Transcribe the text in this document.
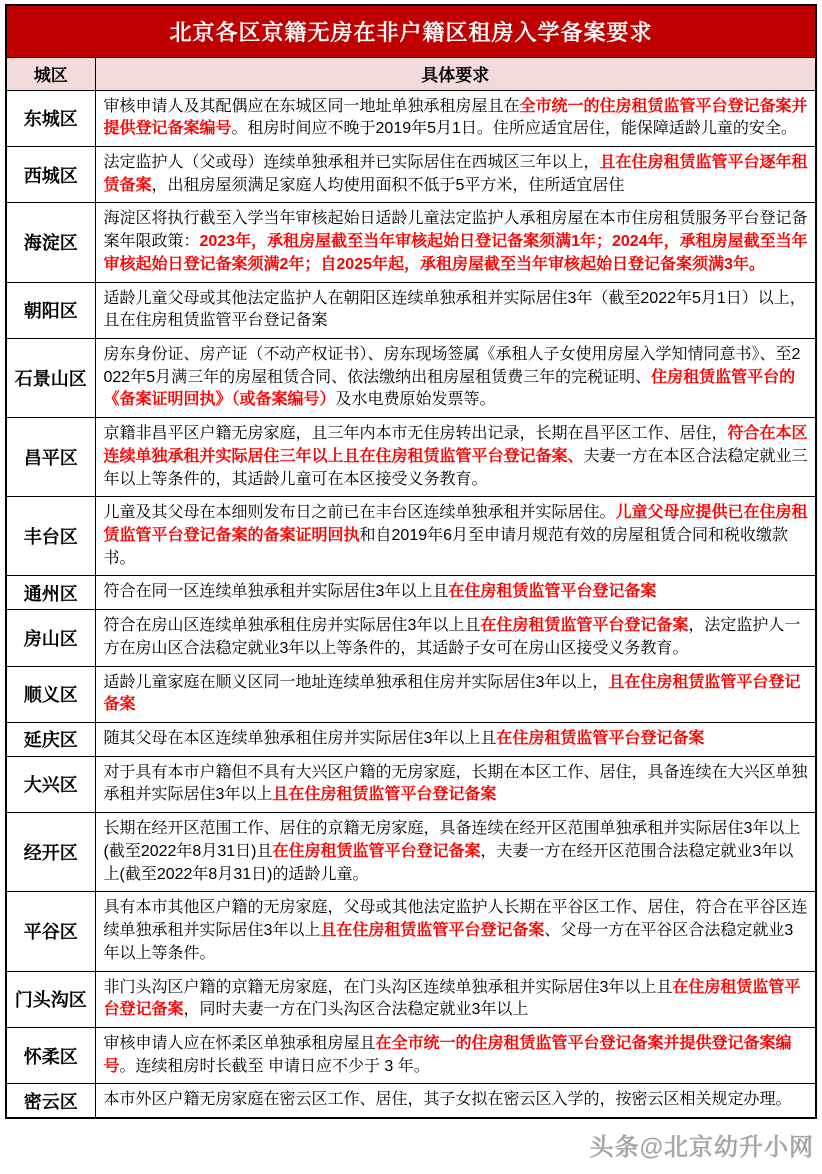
北京各区京籍无房在非户籍区租房入学备案要求	
城区	具体要求
东城区	审核申请人及其配偶应在东城区同一地址单独承租房屋且在全市统一的住房租赁监管平台登记备案并提供登记备案编号。租房时间应不晚于2019年5月1日。住所应适宜居住，能保障适龄儿童的安全。
西城区	法定监护人（父或母）连续单独承租并已实际居住在西城区三年以上，且在住房租赁监管平台逐年租赁备案，出租房屋须满足家庭人均使用面积不低于5平方米，住所适宜居住
海淀区	海淀区将执行截至入学当年审核起始日适龄儿童法定监护人承租房屋在本市住房租赁服务平台登记备案年限政策：2023年，承租房屋截至当年审核起始日登记备案须满1年；2024年，承租房屋截至当年审核起始日登记备案须满2年；自2025年起，承租房屋截至当年审核起始日登记备案须满3年。
朝阳区	适龄儿童父母或其他法定监护人在朝阳区连续单独承租并实际居住3年（截至2022年5月1日）以上，且在住房租赁监管平台登记备案
石景山区	房东身份证、房产证（不动产权证书）、房东现场签属《承租人子女使用房屋入学知情同意书》、至2022年5月满三年的房屋租赁合同、依法缴纳出租房屋租赁费三年的完税证明、住房租赁监管平台的《备案证明回执》（或备案编号）及水电费原始发票等。
昌平区	京籍非昌平区户籍无房家庭，且三年内本市无住房转出记录，长期在昌平区工作、居住，符合在本区连续单独承租并实际居住三年以上且在住房租赁监管平台登记备案、夫妻一方在本区合法稳定就业三年以上等条件的，其适龄儿童可在本区接受义务教育。
丰台区	儿童及其父母在本细则发布日之前已在丰台区连续单独承租并实际居住。儿童父母应提供已在住房租赁监管平台登记备案的备案证明回执和自2019年6月至申请月规范有效的房屋租赁合同和税收缴款书。
通州区	符合在同一区连续单独承租并实际居住3年以上且在住房租赁监管平台登记备案
房山区	符合在房山区连续单独承租住房并实际居住3年以上且在住房租赁监管平台登记备案，法定监护人一方在房山区合法稳定就业3年以上等条件的，其适龄子女可在房山区接受义务教育。
顺义区	适龄儿童家庭在顺义区同一地址连续单独承租住房并实际居住3年以上，且在住房租赁监管平台登记备案
延庆区	随其父母在本区连续单独承租住房并实际居住3年以上且在住房租赁监管平台登记备案
大兴区	对于具有本市户籍但不具有大兴区户籍的无房家庭，长期在本区工作、居住，具备连续在大兴区单独承租并实际居住3年以上且在住房租赁监管平台登记备案
经开区	长期在经开区范围工作、居住的京籍无房家庭，具备连续在经开区范围单独承租并实际居住3年以上(截至2022年8月31日)且在住房租赁监管平台登记备案，夫妻一方在经开区范围合法稳定就业3年以上(截至2022年8月31日)的适龄儿童。
平谷区	具有本市其他区户籍的无房家庭，父母或其他法定监护人长期在平谷区工作、居住，符合在平谷区连续单独承租并实际居住3年以上且在住房租赁监管平台登记备案、父母一方在平谷区合法稳定就业3年以上等条件。
门头沟区	非门头沟区户籍的京籍无房家庭，在门头沟区连续单独承租并实际居住3年以上且在住房租赁监管平台登记备案，同时夫妻一方在门头沟区合法稳定就业3年以上
怀柔区	审核申请人应在怀柔区单独承租房屋且在全市统一的住房租赁监管平台登记备案并提供登记备案编号。连续租房时长截至 申请日应不少于 3 年。
密云区	本市外区户籍无房家庭在密云区工作、居住，其子女拟在密云区入学的，按密云区相关规定办理。
头条@北京幼升小网
